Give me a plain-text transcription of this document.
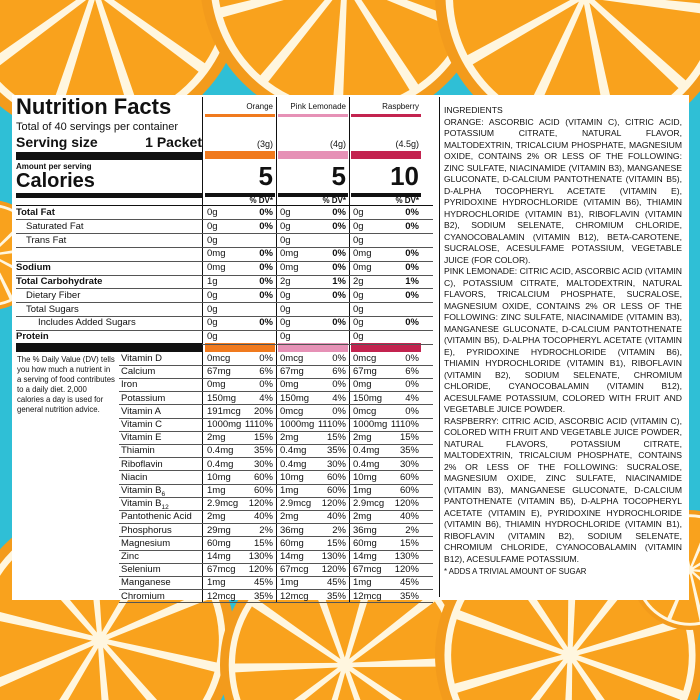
Nutrition Facts
Total of 40 servings per container
Serving size	1 Packet
Amount per serving
Calories
Orange
(3g)
5
% DV*
Pink Lemonade
(4g)
5
% DV*
Raspberry
(4.5g)
10
% DV*
Total Fat	0g	0% 0g	0% 0g	0%
Saturated Fat	0g	0% 0g	0% 0g	0%
Trans Fat	0g	0g	0g
0mg	0% 0mg	0% 0mg	0%
Sodium	0mg	0% 0mg	0% 0mg	0%
Total Carbohydrate	1g	0% 2g	1% 2g	1%
Dietary Fiber	0g	0% 0g	0% 0g	0%
Total Sugars	0g	0g	0g
Includes Added Sugars	0g	0% 0g	0% 0g	0%
Protein	0g	0g	0g
The % Daily Value (DV) tells you how much a nutrient in a serving of food contributes to a daily diet. 2,000 calories a day is used for general nutrition advice.
Vitamin D	0mcg	0% 0mcg	0% 0mcg	0%
Calcium	67mg	6% 67mg	6% 67mg	6%
Iron	0mg	0% 0mg	0% 0mg	0%
Potassium	150mg 4% 150mg 4% 150mg 4%
Vitamin A	191mcg 20% 0mcg	0% 0mcg	0%
Vitamin C	1000mg 1110% 1000mg 1110% 1000mg 1110%
Vitamin E	2mg	15% 2mg	15% 2mg	15%
Thiamin	0.4mg 35% 0.4mg 35% 0.4mg 35%
Riboflavin	0.4mg 30% 0.4mg 30% 0.4mg 30%
Niacin	10mg 60% 10mg 60% 10mg 60%
Vitamin $B_6$	1mg	60% 1mg	60% 1mg	60%
Vitamin $B_{12}$	2.9mcg 120% 2.9mcg 120% 2.9mcg 120%
Pantothenic Acid 2mg	40% 2mg	40% 2mg	40%
Phosphorus	29mg	2% 36mg	2% 36mg	2%
Magnesium	60mg 15% 60mg 15% 60mg 15%
Zinc	14mg 130% 14mg 130% 14mg 130%
Selenium	67mcg 120% 67mcg 120% 67mcg 120%
Manganese	1mg	45% 1mg	45% 1mg	45%
Chromium	12mcg 35% 12mcg 35% 12mcg 35%

INGREDIENTS

ORANGE: ASCORBIC ACID (VITAMIN C), CITRIC ACID, POTASSIUM CITRATE, NATURAL FLAVOR, MALTODEXTRIN, TRICALCIUM PHOSPHATE, MAGNESIUM OXIDE, CONTAINS 2% OR LESS OF THE FOLLOWING: ZINC SULFATE, NIACINAMIDE (VITAMIN B3), MANGANESE GLUCONATE, D-CALCIUM PANTOTHENATE (VITAMIN B5), D-ALPHA TOCOPHERYL ACETATE (VITAMIN E), PYRIDOXINE HYDROCHLORIDE (VITAMIN B6), THIAMIN HYDROCHLORIDE (VITAMIN B1), RIBOFLAVIN (VITAMIN B2), SODIUM SELENATE, CHROMIUM CHLORIDE, CYANOCOBALAMIN (VITAMIN B12), BETA-CAROTENE, SUCRALOSE, ACESULFAME POTASSIUM, VEGETABLE JUICE (FOR COLOR).

PINK LEMONADE: CITRIC ACID, ASCORBIC ACID (VITAMIN C), POTASSIUM CITRATE, MALTODEXTRIN, NATURAL FLAVORS, TRICALCIUM PHOSPHATE, SUCRALOSE, MAGNESIUM OXIDE, CONTAINS 2% OR LESS OF THE FOLLOWING: ZINC SULFATE, NIACINAMIDE (VITAMIN B3), MANGANESE GLUCONATE, D-CALCIUM PANTOTHENATE (VITAMIN B5), D-ALPHA TOCOPHERYL ACETATE (VITAMIN E), PYRIDOXINE HYDROCHLORIDE (VITAMIN B6), THIAMIN HYDROCHLORIDE (VITAMIN B1), RIBOFLAVIN (VITAMIN B2), SODIUM SELENATE, CHROMIUM CHLORIDE, CYANOCOBALAMIN (VITAMIN B12), ACESULFAME POTASSIUM, COLORED WITH FRUIT AND VEGETABLE JUICE POWDER.

RASPBERRY: CITRIC ACID, ASCORBIC ACID (VITAMIN C), COLORED WITH FRUIT AND VEGETABLE JUICE POWDER, NATURAL FLAVORS, POTASSIUM CITRATE, MALTODEXTRIN, TRICALCIUM PHOSPHATE, CONTAINS 2% OR LESS OF THE FOLLOWING: SUCRALOSE, MAGNESIUM OXIDE, ZINC SULFATE, NIACINAMIDE (VITAMIN B3), MANGANESE GLUCONATE, D-CALCIUM PANTOTHENATE (VITAMIN B5), D-ALPHA TOCOPHERYL ACETATE (VITAMIN E), PYRIDOXINE HYDROCHLORIDE (VITAMIN B6), THIAMIN HYDROCHLORIDE (VITAMIN B1), RIBOFLAVIN (VITAMIN B2), SODIUM SELENATE, CHROMIUM CHLORIDE, CYANOCOBALAMIN (VITAMIN B12), ACESULFAME POTASSIUM.

* ADDS A TRIVIAL AMOUNT OF SUGAR
